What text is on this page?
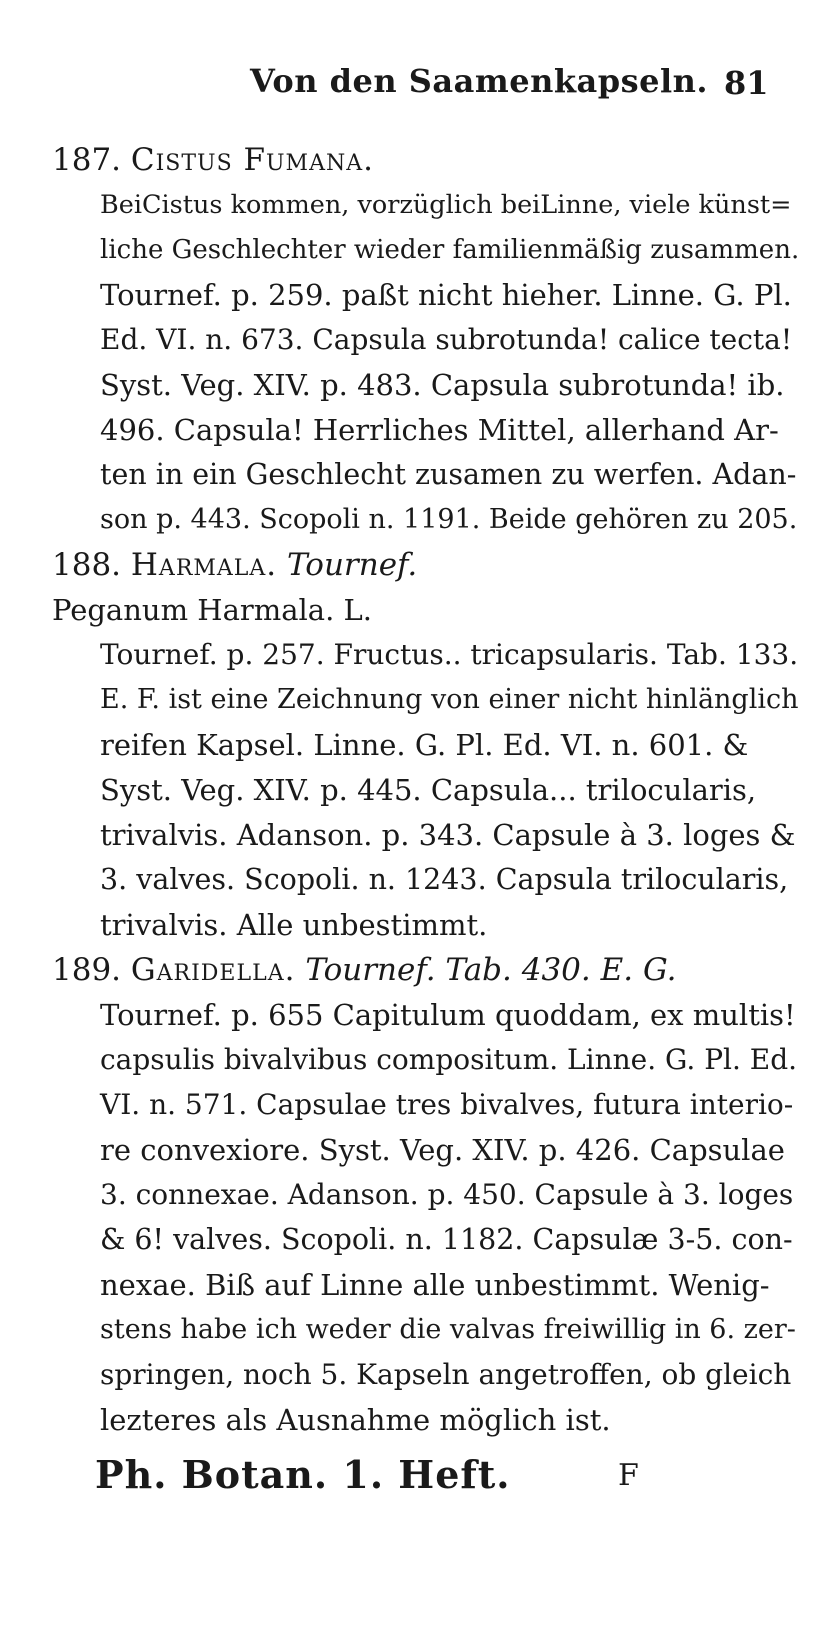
Von den Saamenkapseln. 81
187. Cistus Fumana.
BeiCistus kommen, vorzüglich beiLinne, viele künst=
liche Geschlechter wieder familienmäßig zusammen.
Tournef. p. 259. paßt nicht hieher. Linne. G. Pl.
Ed. VI. n. 673. Capsula subrotunda! calice tecta!
Syst. Veg. XIV. p. 483. Capsula subrotunda! ib.
496. Capsula! Herrliches Mittel, allerhand Ar-
ten in ein Geschlecht zusamen zu werfen. Adan-
son p. 443. Scopoli n. 1191. Beide gehören zu 205.
188. Harmala. Tournef.
Peganum Harmala. L.
Tournef. p. 257. Fructus.. tricapsularis. Tab. 133.
E. F. ist eine Zeichnung von einer nicht hinlänglich
reifen Kapsel. Linne. G. Pl. Ed. VI. n. 601. &
Syst. Veg. XIV. p. 445. Capsula... trilocularis,
trivalvis. Adanson. p. 343. Capsule à 3. loges &
3. valves. Scopoli. n. 1243. Capsula trilocularis,
trivalvis. Alle unbestimmt.
189. Garidella. Tournef. Tab. 430. E. G.
Tournef. p. 655 Capitulum quoddam, ex multis!
capsulis bivalvibus compositum. Linne. G. Pl. Ed.
VI. n. 571. Capsulae tres bivalves, futura interio-
re convexiore. Syst. Veg. XIV. p. 426. Capsulae
3. connexae. Adanson. p. 450. Capsule à 3. loges
& 6! valves. Scopoli. n. 1182. Capsulæ 3-5. con-
nexae. Biß auf Linne alle unbestimmt. Wenig-
stens habe ich weder die valvas freiwillig in 6. zer-
springen, noch 5. Kapseln angetroffen, ob gleich
lezteres als Ausnahme möglich ist.
Ph. Botan. 1. Heft.	F
